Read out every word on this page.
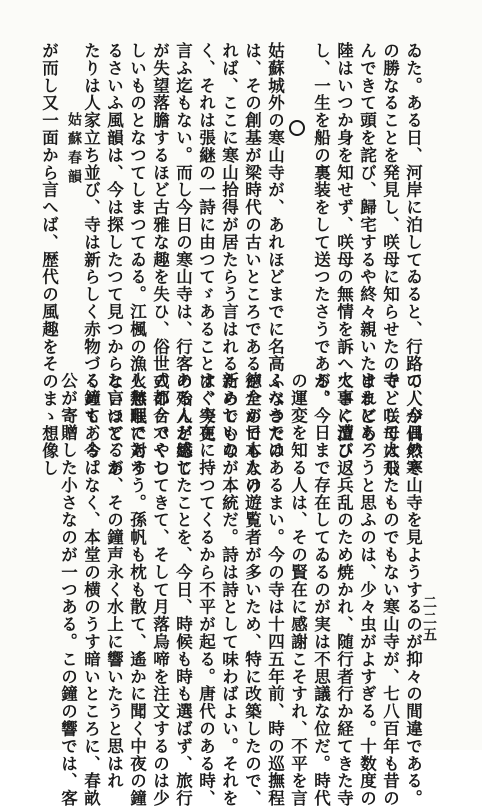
二二五
て、今日の寒山寺を見ようするのが抑々の間違である。
寺として大したものでもない寒山寺が、七八百年も昔の
ままにあろうと思ふのは、少々虫がよすぎる。十数度の
火事に遭ひ、兵乱のため焼かれ、随行者行か経てきた寺
が、今日まで存在してゐるのが実は不思議な位だ。時代
の運変を知る人は、その賢在に感謝こそすれ、不平を言
ふべきではあるまい。今の寺は十四五年前、時の巡撫程
徳全が日本人の遊覧者が多いため、特に改築したので、
新らしいのが本統だ。詩は詩として味わばよい。それを
すぐ実在に持つてくるから不平が起る。唐代のある時、
ある人が感じたことを、今日、時候も時も選ばず、旅行
の都合でやつてきて、そして月落烏啼を注文するのは少
し無理であろう。孫帆も枕も散て、遙かに聞く中夜の鐘
と言つてるが、その鐘声永く水上に響いたうと思はれ
る鐘も、今はなく、本堂の横のうす暗いところに、春畝
公が寄贈した小さなのが一つある。この鐘の響では、客
姑蘇春韻	ゐた。ある日、河岸に泊してゐると、行路の人が偶然そ
の勝なることを発見し、咲母に知らせたので、咲母は飛
んできて頭を詫び、歸宅するや終々親いたけれども、
陸はいつか身を知せず、咲母の無情を訴へてさく泣び返
し、一生を船の裏装をして送つたさうである。
姑蘇城外の寒山寺が、あれほどまでに名高くなつたの
は、その創基が梁時代の古いところであるがためでもなけ
れば、ここに寒山拾得が居たらう言はれるためでもな
く、それは張継の一詩に由つてゞあることは、今更
言ふ迄もない。而し今日の寒山寺は、行客の殆んど総て
が失望落膽するほど古雅な趣を失ひ、俗世式のケバくし
しいものとなつてしまつてゐる。江楓の漁火愁眠に対す
るさいふ風韻は、今は探したつて見つからないほど、あ
たりは人家立ち並び、寺は新らしく赤物づくめてある。
が而し又一面から言へば、歴代の風趣をそのまゝ想像し
